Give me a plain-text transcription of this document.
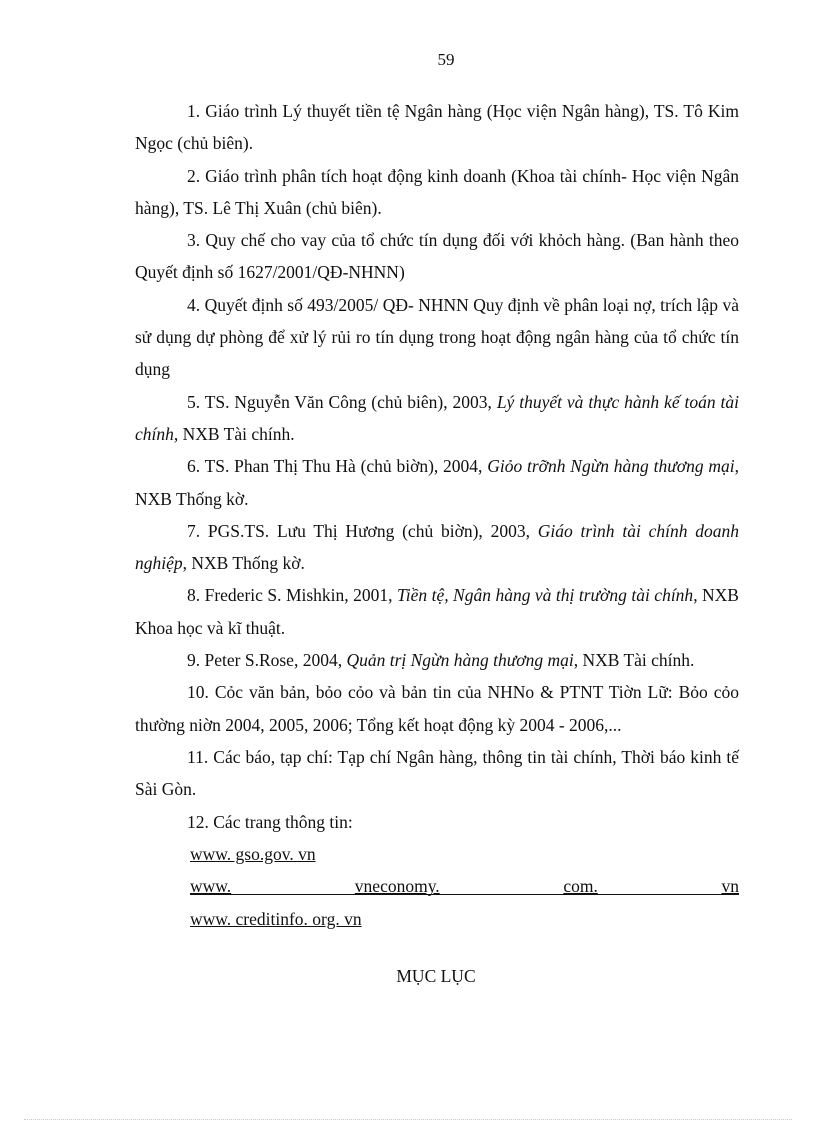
59

1. Giáo trình Lý thuyết tiền tệ Ngân hàng (Học viện Ngân hàng), TS. Tô Kim Ngọc (chủ biên).

2. Giáo trình phân tích hoạt động kinh doanh (Khoa tài chính- Học viện Ngân hàng), TS. Lê Thị Xuân (chủ biên).

3. Quy chế cho vay của tổ chức tín dụng đối với khỏch hàng. (Ban hành theo Quyết định số 1627/2001/QĐ-NHNN)

4. Quyết định số 493/2005/ QĐ- NHNN Quy định về phân loại nợ, trích lập và sử dụng dự phòng để xử lý rủi ro tín dụng trong hoạt động ngân hàng của tổ chức tín dụng

5. TS. Nguyễn Văn Công (chủ biên), 2003, Lý thuyết và thực hành kế toán tài chính, NXB Tài chính.

6. TS. Phan Thị Thu Hà (chủ biờn), 2004, Giỏo trỡnh Ngừn hàng thương mại, NXB Thống kờ.

7. PGS.TS. Lưu Thị Hương (chủ biờn), 2003, Giáo trình tài chính doanh nghiệp, NXB Thống kờ.

8. Frederic S. Mishkin, 2001, Tiền tệ, Ngân hàng và thị trường tài chính, NXB Khoa học và kĩ thuật.

9. Peter S.Rose, 2004, Quản trị Ngừn hàng thương mại, NXB Tài chính.

10. Cỏc văn bản, bỏo cỏo và bản tin của NHNo & PTNT Tiờn Lữ: Bỏo cỏo thường niờn 2004, 2005, 2006; Tổng kết hoạt động kỳ 2004 - 2006,...

11. Các báo, tạp chí: Tạp chí Ngân hàng, thông tin tài chính, Thời báo kinh tế Sài Gòn.

12. Các trang thông tin:

www. gso.gov. vn
www.	vneconomy.	com.	vn
www. creditinfo. org. vn
MỤC LỤC
